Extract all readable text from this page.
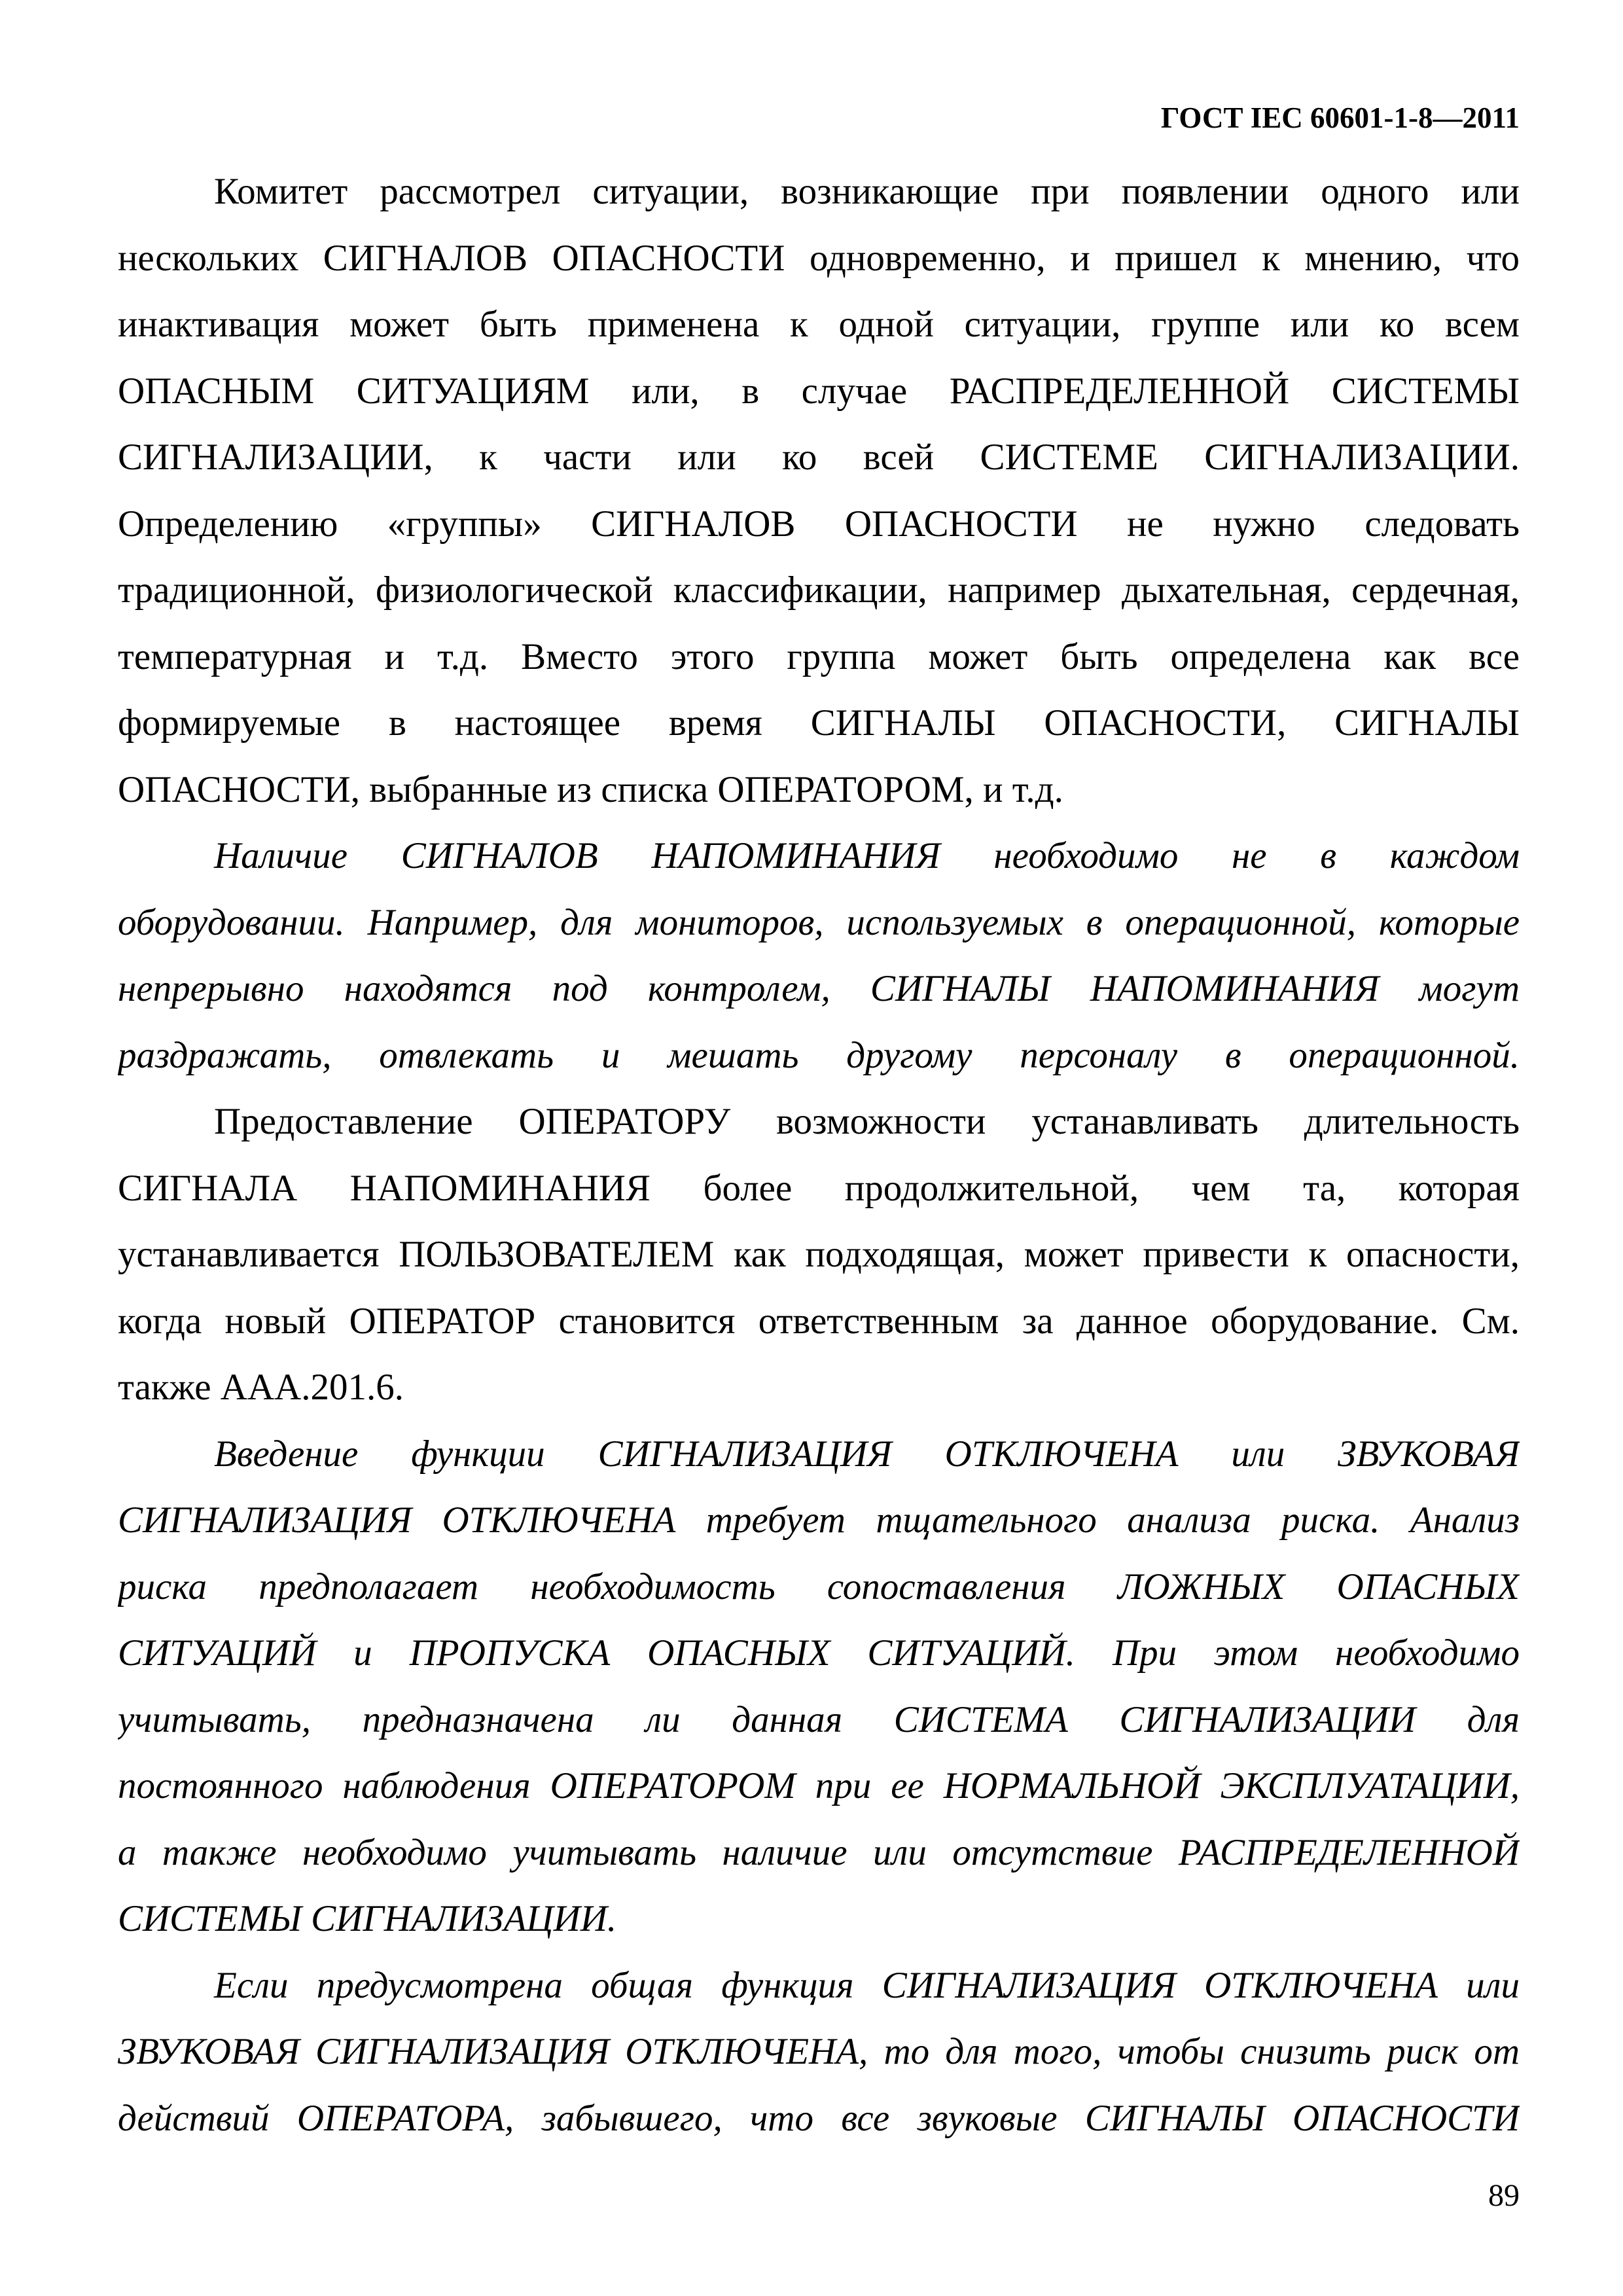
ГОСТ IEC 60601-1-8—2011
Комитет рассмотрел ситуации, возникающие при появлении одного или
нескольких СИГНАЛОВ ОПАСНОСТИ одновременно, и пришел к мнению, что
инактивация может быть применена к одной ситуации, группе или ко всем
ОПАСНЫМ СИТУАЦИЯМ или, в случае РАСПРЕДЕЛЕННОЙ СИСТЕМЫ
СИГНАЛИЗАЦИИ, к части или ко всей СИСТЕМЕ СИГНАЛИЗАЦИИ.
Определению «группы» СИГНАЛОВ ОПАСНОСТИ не нужно следовать
традиционной, физиологической классификации, например дыхательная, сердечная,
температурная и т.д. Вместо этого группа может быть определена как все
формируемые в настоящее время СИГНАЛЫ ОПАСНОСТИ, СИГНАЛЫ
ОПАСНОСТИ, выбранные из списка ОПЕРАТОРОМ, и т.д.
Наличие СИГНАЛОВ НАПОМИНАНИЯ необходимо не в каждом
оборудовании. Например, для мониторов, используемых в операционной, которые
непрерывно находятся под контролем, СИГНАЛЫ НАПОМИНАНИЯ могут
раздражать, отвлекать и мешать другому персоналу в операционной.
Предоставление ОПЕРАТОРУ возможности устанавливать длительность
СИГНАЛА НАПОМИНАНИЯ более продолжительной, чем та, которая
устанавливается ПОЛЬЗОВАТЕЛЕМ как подходящая, может привести к опасности,
когда новый ОПЕРАТОР становится ответственным за данное оборудование. См.
также ААА.201.6.
Введение функции СИГНАЛИЗАЦИЯ ОТКЛЮЧЕНА или ЗВУКОВАЯ
СИГНАЛИЗАЦИЯ ОТКЛЮЧЕНА требует тщательного анализа риска. Анализ
риска предполагает необходимость сопоставления ЛОЖНЫХ ОПАСНЫХ
СИТУАЦИЙ и ПРОПУСКА ОПАСНЫХ СИТУАЦИЙ. При этом необходимо
учитывать, предназначена ли данная СИСТЕМА СИГНАЛИЗАЦИИ для
постоянного наблюдения ОПЕРАТОРОМ при ее НОРМАЛЬНОЙ ЭКСПЛУАТАЦИИ,
а также необходимо учитывать наличие или отсутствие РАСПРЕДЕЛЕННОЙ
СИСТЕМЫ СИГНАЛИЗАЦИИ.
Если предусмотрена общая функция СИГНАЛИЗАЦИЯ ОТКЛЮЧЕНА или
ЗВУКОВАЯ СИГНАЛИЗАЦИЯ ОТКЛЮЧЕНА, то для того, чтобы снизить риск от
действий ОПЕРАТОРА, забывшего, что все звуковые СИГНАЛЫ ОПАСНОСТИ
89
